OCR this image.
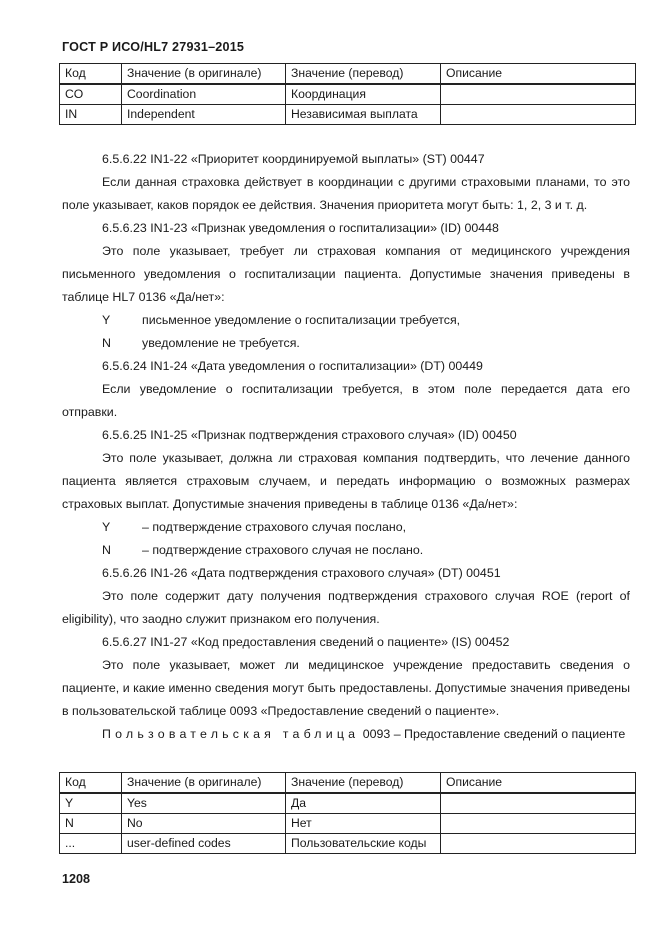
ГОСТ Р ИСО/HL7 27931–2015
Код	Значение (в оригинале)	Значение (перевод)	Описание
CO	Coordination	Координация	
IN	Independent	Независимая выплата	

6.5.6.22 IN1-22 «Приоритет координируемой выплаты» (ST) 00447

Если данная страховка действует в координации с другими страховыми планами, то это поле указывает, каков порядок ее действия. Значения приоритета могут быть: 1, 2, 3 и т. д.

6.5.6.23 IN1-23 «Признак уведомления о госпитализации» (ID) 00448

Это поле указывает, требует ли страховая компания от медицинского учреждения письменного уведомления о госпитализации пациента. Допустимые значения приведены в таблице HL7 0136 «Да/нет»:

Y	письменное уведомление о госпитализации требуется,
N	уведомление не требуется.

6.5.6.24 IN1-24 «Дата уведомления о госпитализации» (DT) 00449

Если уведомление о госпитализации требуется, в этом поле передается дата его отправки.

6.5.6.25 IN1-25 «Признак подтверждения страхового случая» (ID) 00450

Это поле указывает, должна ли страховая компания подтвердить, что лечение данного пациента является страховым случаем, и передать информацию о возможных размерах страховых выплат. Допустимые значения приведены в таблице 0136 «Да/нет»:

Y	– подтверждение страхового случая послано,
N	– подтверждение страхового случая не послано.

6.5.6.26 IN1-26 «Дата подтверждения страхового случая» (DT) 00451

Это поле содержит дату получения подтверждения страхового случая ROE (report of eligibility), что заодно служит признаком его получения.

6.5.6.27 IN1-27 «Код предоставления сведений о пациенте» (IS) 00452

Это поле указывает, может ли медицинское учреждение предоставить сведения о пациенте, и какие именно сведения могут быть предоставлены. Допустимые значения приведены в пользовательской таблице 0093 «Предоставление сведений о пациенте».

Пользовательская таблица 0093 – Предоставление сведений о пациенте

Код	Значение (в оригинале)	Значение (перевод)	Описание
Y	Yes	Да	
N	No	Нет	
...	user-defined codes	Пользовательские коды	
1208
